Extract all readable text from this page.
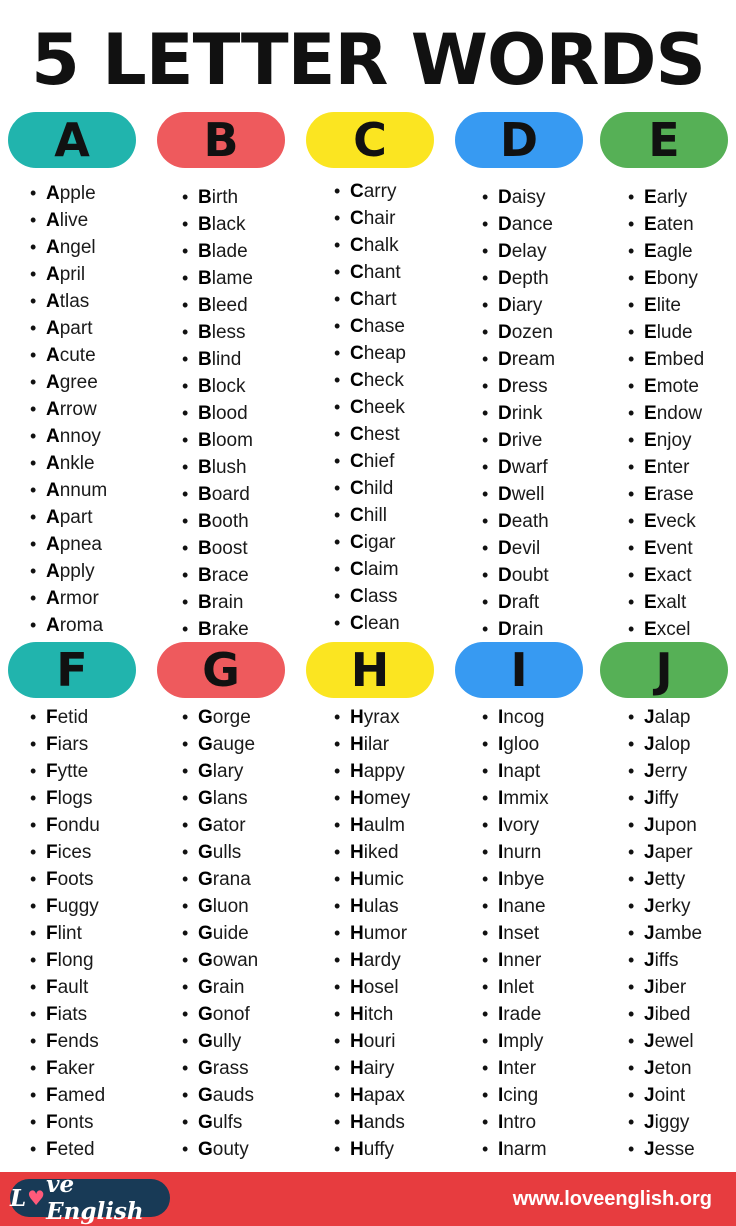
5 LETTER WORDS
A
• Apple
• Alive
• Angel
• April
• Atlas
• Apart
• Acute
• Agree
• Arrow
• Annoy
• Ankle
• Annum
• Apart
• Apnea
• Apply
• Armor
• Aroma
B
• Birth
• Black
• Blade
• Blame
• Bleed
• Bless
• Blind
• Block
• Blood
• Bloom
• Blush
• Board
• Booth
• Boost
• Brace
• Brain
• Brake
C
• Carry
• Chair
• Chalk
• Chant
• Chart
• Chase
• Cheap
• Check
• Cheek
• Chest
• Chief
• Child
• Chill
• Cigar
• Claim
• Class
• Clean
D
• Daisy
• Dance
• Delay
• Depth
• Diary
• Dozen
• Dream
• Dress
• Drink
• Drive
• Dwarf
• Dwell
• Death
• Devil
• Doubt
• Draft
• Drain
E
• Early
• Eaten
• Eagle
• Ebony
• Elite
• Elude
• Embed
• Emote
• Endow
• Enjoy
• Enter
• Erase
• Eveck
• Event
• Exact
• Exalt
• Excel
F
• Fetid
• Fiars
• Fytte
• Flogs
• Fondu
• Fices
• Foots
• Fuggy
• Flint
• Flong
• Fault
• Fiats
• Fends
• Faker
• Famed
• Fonts
• Feted
G
• Gorge
• Gauge
• Glary
• Glans
• Gator
• Gulls
• Grana
• Gluon
• Guide
• Gowan
• Grain
• Gonof
• Gully
• Grass
• Gauds
• Gulfs
• Gouty
H
• Hyrax
• Hilar
• Happy
• Homey
• Haulm
• Hiked
• Humic
• Hulas
• Humor
• Hardy
• Hosel
• Hitch
• Houri
• Hairy
• Hapax
• Hands
• Huffy
I
• Incog
• Igloo
• Inapt
• Immix
• Ivory
• Inurn
• Inbye
• Inane
• Inset
• Inner
• Inlet
• Irade
• Imply
• Inter
• Icing
• Intro
• Inarm
J
• Jalap
• Jalop
• Jerry
• Jiffy
• Jupon
• Japer
• Jetty
• Jerky
• Jambe
• Jiffs
• Jiber
• Jibed
• Jewel
• Jeton
• Joint
• Jiggy
• Jesse
L ♥ ve English	www.loveenglish.org
